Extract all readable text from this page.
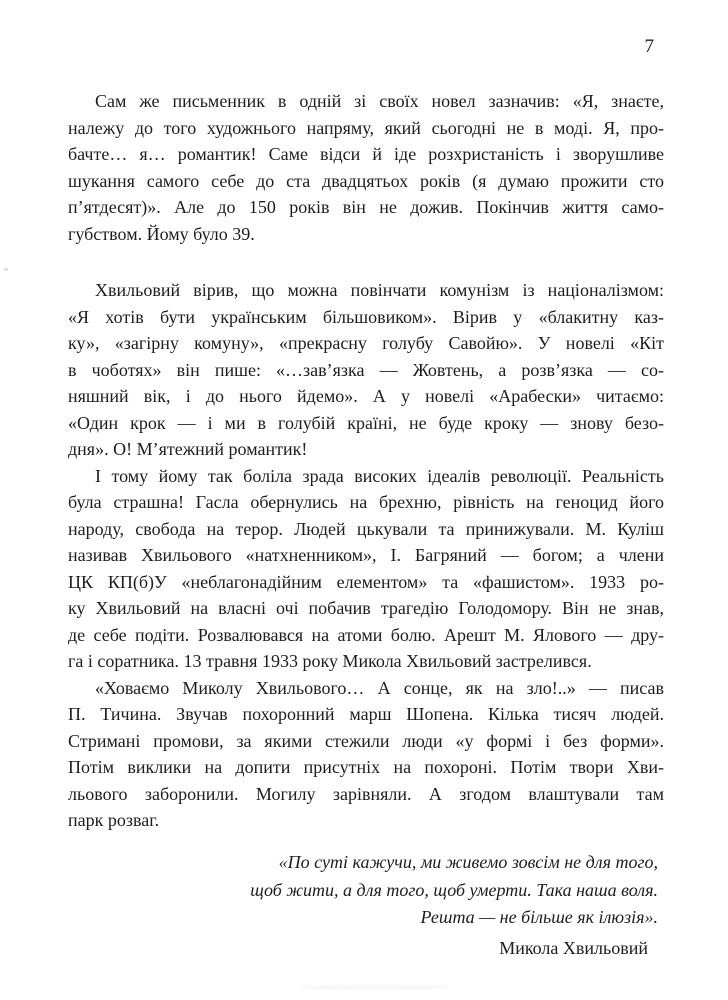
7
Сам же письменник в одній зі своїх новел зазначив: «Я, знаєте,
належу до того художнього напряму, який сьогодні не в моді. Я, про-
бачте… я… романтик! Саме відси й іде розхристаність і зворушливе
шукання самого себе до ста двадцятьох років (я думаю прожити сто
п’ятдесят)». Але до 150 років він не дожив. Покінчив життя само-
губством. Йому було 39.
Хвильовий вірив, що можна повінчати комунізм із націоналізмом:
«Я хотів бути українським більшовиком». Вірив у «блакитну каз-
ку», «загірну комуну», «прекрасну голубу Савойю». У новелі «Кіт
в чоботях» він пише: «…зав’язка — Жовтень, а розв’язка — со-
няшний вік, і до нього йдемо». А у новелі «Арабески» читаємо:
«Один крок — і ми в голубій країні, не буде кроку — знову безо-
дня». О! М’ятежний романтик!
І тому йому так боліла зрада високих ідеалів революції. Реальність
була страшна! Гасла обернулись на брехню, рівність на геноцид його
народу, свобода на терор. Людей цькували та принижували. М. Куліш
називав Хвильового «натхненником», І. Багряний — богом; а члени
ЦК КП(б)У «неблагонадійним елементом» та «фашистом». 1933 ро-
ку Хвильовий на власні очі побачив трагедію Голодомору. Він не знав,
де себе подіти. Розвалювався на атоми болю. Арешт М. Ялового — дру-
га і соратника. 13 травня 1933 року Микола Хвильовий застрелився.
«Ховаємо Миколу Хвильового… А сонце, як на зло!..» — писав
П. Тичина. Звучав похоронний марш Шопена. Кілька тисяч людей.
Стримані промови, за якими стежили люди «у формі і без форми».
Потім виклики на допити присутніх на похороні. Потім твори Хви-
льового заборонили. Могилу зарівняли. А згодом влаштували там
парк розваг.
«По суті кажучи, ми живемо зовсім не для того,
щоб жити, а для того, щоб умерти. Така наша воля.
Решта — не більше як ілюзія».
Микола Хвильовий
